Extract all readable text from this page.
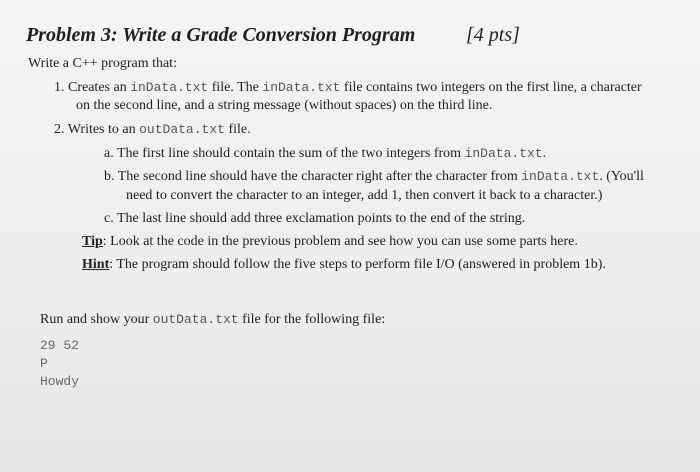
Problem 3: Write a Grade Conversion Program	[4 pts]
Write a C++ program that:
1. Creates an inData.txt file. The inData.txt file contains two integers on the first line, a character
on the second line, and a string message (without spaces) on the third line.
2. Writes to an outData.txt file.
a. The first line should contain the sum of the two integers from inData.txt.
b. The second line should have the character right after the character from inData.txt. (You'll
need to convert the character to an integer, add 1, then convert it back to a character.)
c. The last line should add three exclamation points to the end of the string.
Tip: Look at the code in the previous problem and see how you can use some parts here.
Hint: The program should follow the five steps to perform file I/O (answered in problem 1b).
Run and show your outData.txt file for the following file:
29 52
P
Howdy
